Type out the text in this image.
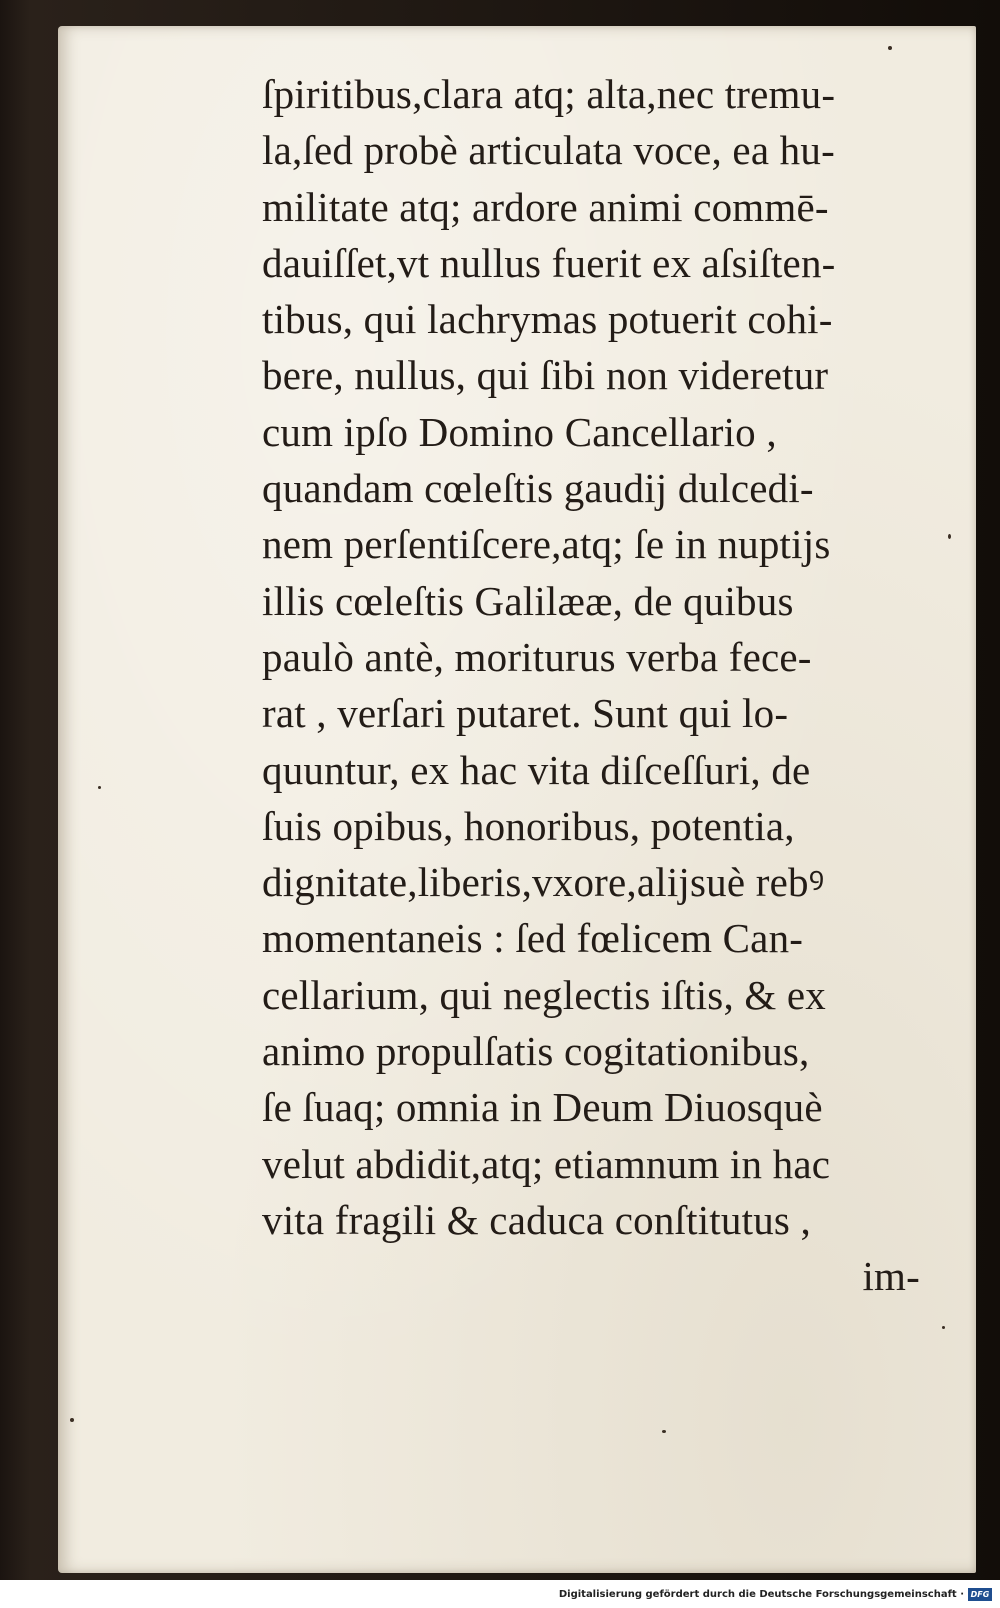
ſpiritibus,clara atq; alta,nec tremu-
la,ſed probè articulata voce, ea hu-
militate atq; ardore animi commē-
dauiſſet,vt nullus fuerit ex aſsiſten-
tibus, qui lachrymas potuerit cohi-
bere, nullus, qui ſibi non videretur
cum ipſo Domino Cancellario ,
quandam cœleſtis gaudij dulcedi-
nem perſentiſcere,atq; ſe in nuptijs
illis cœleſtis Galilææ, de quibus
paulò antè, moriturus verba fece-
rat , verſari putaret. Sunt qui lo-
quuntur, ex hac vita diſceſſuri, de
ſuis opibus, honoribus, potentia,
dignitate,liberis,vxore,alijsuè rebꝰ
momentaneis : ſed fœlicem Can-
cellarium, qui neglectis iſtis, & ex
animo propulſatis cogitationibus,
ſe ſuaq; omnia in Deum Diuosquè
velut abdidit,atq; etiamnum in hac
vita fragili & caduca conſtitutus ,
im-
Digitalisierung gefördert durch die Deutsche Forschungsgemeinschaft · DFG
